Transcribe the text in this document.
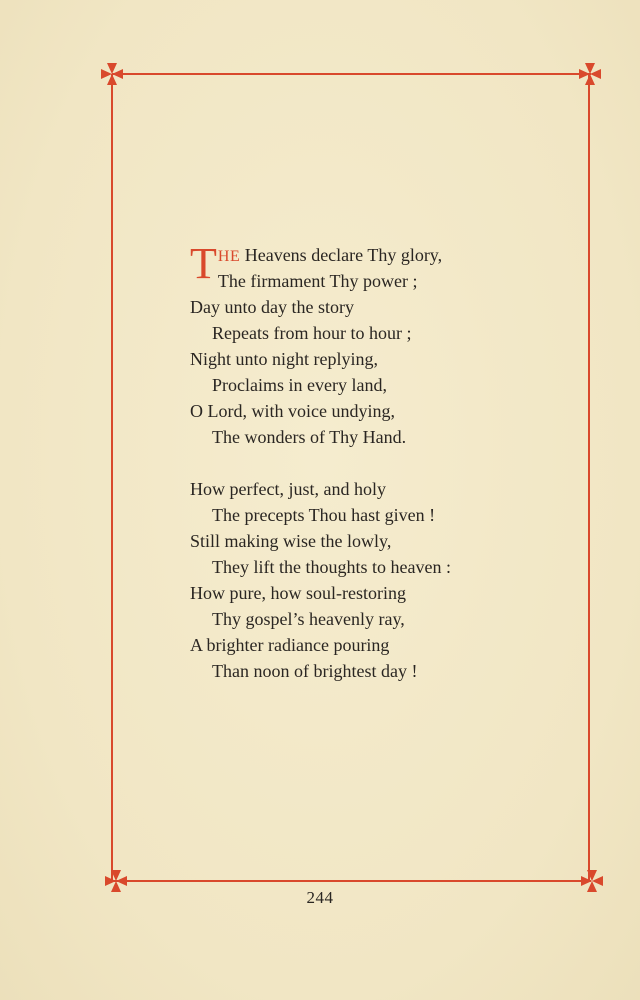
T HE Heavens declare Thy glory,
The firmament Thy power ;
Day unto day the story
Repeats from hour to hour ;
Night unto night replying,
Proclaims in every land,
O Lord, with voice undying,
The wonders of Thy Hand.
How perfect, just, and holy
The precepts Thou hast given !
Still making wise the lowly,
They lift the thoughts to heaven :
How pure, how soul-restoring
Thy gospel’s heavenly ray,
A brighter radiance pouring
Than noon of brightest day !
244
